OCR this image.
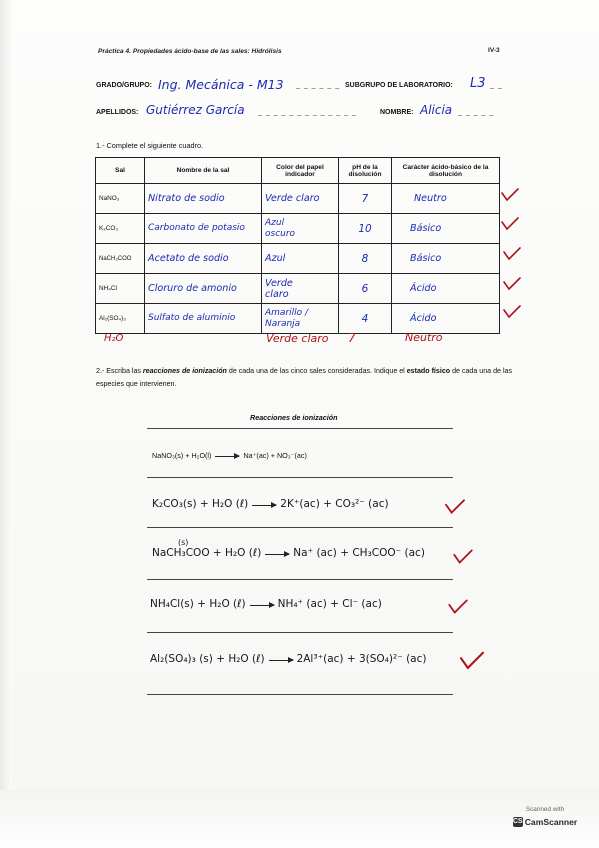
Práctica 4. Propiedades ácido-base de las sales: Hidrólisis	IV-3
GRADO/GRUPO: Ing. Mecánica - M13 _ _ _ _ _ _ SUBGRUPO DE LABORATORIO: L3 _ _
APELLIDOS: Gutiérrez García _ _ _ _ _ _ _ _ _ _ _ _ _	NOMBRE: Alicia _ _ _ _ _
1.- Complete el siguiente cuadro.
Sal	Nombre de la sal	Color del papel indicador	pH de la disolución	Carácter ácido-básico de la disolución
NaNO₃	Nitrato de sodio	Verde claro	7	Neutro

K₂CO₃	Carbonato de potasio	Azul oscuro	10	Básico

NaCH₃COO	Acetato de sodio	Azul	8	Básico

NH₄Cl	Cloruro de amonio	Verde claro	6	Ácido

Al₂(SO₄)₃	Sulfato de aluminio	Amarillo / Naranja	4	Ácido
H₂O	Verde claro 7	Neutro
2.- Escriba las reacciones de ionización de cada una de las cinco sales consideradas. Indique el estado físico de cada una de las especies que intervienen.
Reacciones de ionización
NaNO₃(s) + H₂O(l)	Na⁺(ac) + NO₃⁻(ac)
K₂CO₃(s) + H₂O (ℓ)	2K⁺(ac) + CO₃²⁻ (ac)
(s)
NaCH₃COO + H₂O (ℓ)	Na⁺ (ac) + CH₃COO⁻ (ac)
NH₄Cl(s) + H₂O (ℓ)	NH₄⁺ (ac) + Cl⁻ (ac)
Al₂(SO₄)₃ (s) + H₂O (ℓ)	2Al³⁺(ac) + 3(SO₄)²⁻ (ac)
Scanned with
CS CamScanner
